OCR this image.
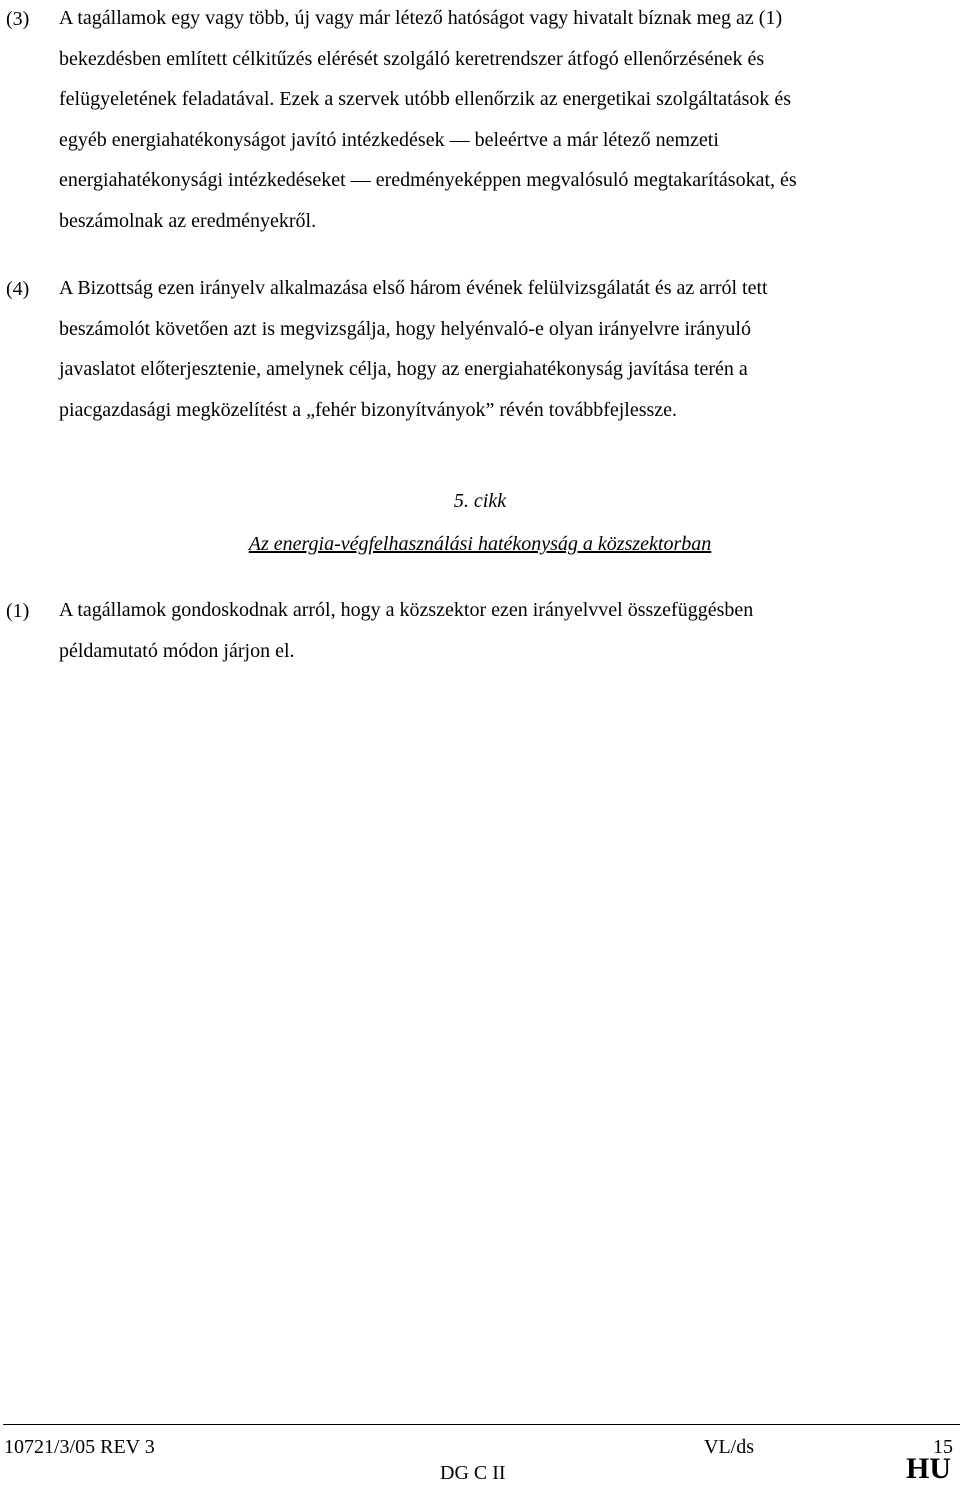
(3) A tagállamok egy vagy több, új vagy már létező hatóságot vagy hivatalt bíznak meg az (1)
bekezdésben említett célkitűzés elérését szolgáló keretrendszer átfogó ellenőrzésének és
felügyeletének feladatával. Ezek a szervek utóbb ellenőrzik az energetikai szolgáltatások és
egyéb energiahatékonyságot javító intézkedések — beleértve a már létező nemzeti
energiahatékonysági intézkedéseket — eredményeképpen megvalósuló megtakarításokat, és
beszámolnak az eredményekről.
(4) A Bizottság ezen irányelv alkalmazása első három évének felülvizsgálatát és az arról tett
beszámolót követően azt is megvizsgálja, hogy helyénvaló-e olyan irányelvre irányuló
javaslatot előterjesztenie, amelynek célja, hogy az energiahatékonyság javítása terén a
piacgazdasági megközelítést a „fehér bizonyítványok” révén továbbfejlessze.
5. cikk
Az energia-végfelhasználási hatékonyság a közszektorban
(1) A tagállamok gondoskodnak arról, hogy a közszektor ezen irányelvvel összefüggésben
példamutató módon járjon el.
10721/3/05 REV 3	VL/ds	15
DG C II	HU
